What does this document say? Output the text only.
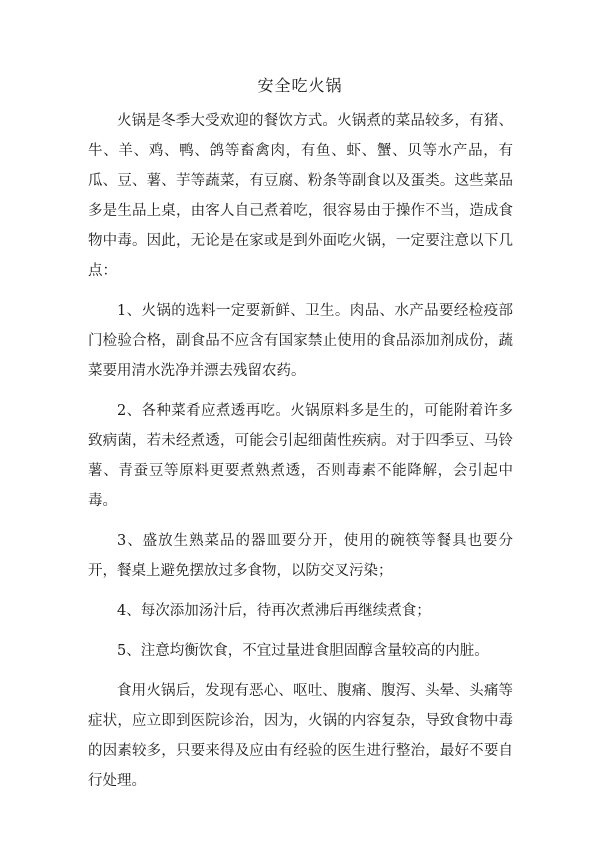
安全吃火锅

火锅是冬季大受欢迎的餐饮方式。火锅煮的菜品较多，有猪、牛、羊、鸡、鸭、鸽等畜禽肉，有鱼、虾、蟹、贝等水产品，有瓜、豆、薯、芋等蔬菜，有豆腐、粉条等副食以及蛋类。这些菜品多是生品上桌，由客人自己煮着吃，很容易由于操作不当，造成食物中毒。因此，无论是在家或是到外面吃火锅，一定要注意以下几点：

1、火锅的选料一定要新鲜、卫生。肉品、水产品要经检疫部门检验合格，副食品不应含有国家禁止使用的食品添加剂成份，蔬菜要用清水洗净并漂去残留农药。

2、各种菜肴应煮透再吃。火锅原料多是生的，可能附着许多致病菌，若未经煮透，可能会引起细菌性疾病。对于四季豆、马铃薯、青蚕豆等原料更要煮熟煮透，否则毒素不能降解，会引起中毒。

3、盛放生熟菜品的器皿要分开，使用的碗筷等餐具也要分开，餐桌上避免摆放过多食物，以防交叉污染；

4、每次添加汤汁后，待再次煮沸后再继续煮食；

5、注意均衡饮食，不宜过量进食胆固醇含量较高的内脏。

食用火锅后，发现有恶心、呕吐、腹痛、腹泻、头晕、头痛等症状，应立即到医院诊治，因为，火锅的内容复杂，导致食物中毒的因素较多，只要来得及应由有经验的医生进行整治，最好不要自行处理。
